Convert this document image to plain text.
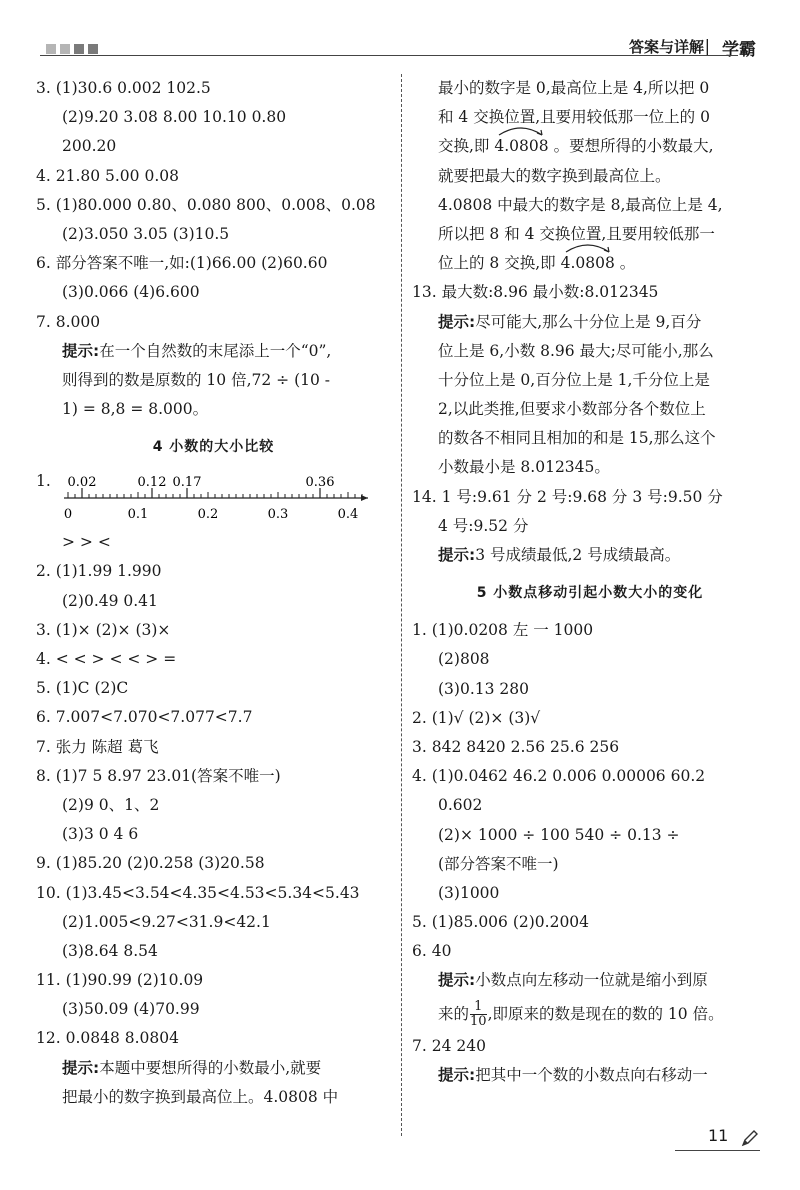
答案与详解 | 学霸
3. (1)30.6 0.002 102.5
(2)9.20 3.08 8.00 10.10 0.80
200.20
4. 21.80 5.00 0.08
5. (1)80.000 0.80、0.080 800、0.008、0.08
(2)3.050 3.05 (3)10.5
6. 部分答案不唯一,如:(1)66.00 (2)60.60
(3)0.066 (4)6.600
7. 8.000
提示:在一个自然数的末尾添上一个“0”,
则得到的数是原数的 10 倍,72 ÷ (10 -
1) = 8,8 = 8.000。
4 小数的大小比较
1.
0	0.1	0.2	0.3	0.4
0.02	0.12 0.17	0.36
> > <
2. (1)1.99 1.990
(2)0.49 0.41
3. (1)× (2)× (3)×
4. < < > < < > =
5. (1)C (2)C
6. 7.007<7.070<7.077<7.7
7. 张力 陈超 葛飞
8. (1)7 5 8.97 23.01(答案不唯一)
(2)9 0、1、2
(3)3 0 4 6
9. (1)85.20 (2)0.258 (3)20.58
10. (1)3.45<3.54<4.35<4.53<5.34<5.43
(2)1.005<9.27<31.9<42.1
(3)8.64 8.54
11. (1)90.99 (2)10.09
(3)50.09 (4)70.99
12. 0.0848 8.0804
提示:本题中要想所得的小数最小,就要
把最小的数字换到最高位上。4.0808 中
最小的数字是 0,最高位上是 4,所以把 0
和 4 交换位置,且要用较低那一位上的 0
交换,即 4.0808 。要想所得的小数最大,
就要把最大的数字换到最高位上。
4.0808 中最大的数字是 8,最高位上是 4,
所以把 8 和 4 交换位置,且要用较低那一
位上的 8 交换,即 4.0808 。
13. 最大数:8.96 最小数:8.012345
提示:尽可能大,那么十分位上是 9,百分
位上是 6,小数 8.96 最大;尽可能小,那么
十分位上是 0,百分位上是 1,千分位上是
2,以此类推,但要求小数部分各个数位上
的数各不相同且相加的和是 15,那么这个
小数最小是 8.012345。
14. 1 号:9.61 分 2 号:9.68 分 3 号:9.50 分
4 号:9.52 分
提示:3 号成绩最低,2 号成绩最高。
5 小数点移动引起小数大小的变化
1. (1)0.0208 左 一 1000
(2)808
(3)0.13 280
2. (1)√ (2)× (3)√
3. 842 8420 2.56 25.6 256
4. (1)0.0462 46.2 0.006 0.00006 60.2
0.602
(2)× 1000 ÷ 100 540 ÷ 0.13 ÷
(部分答案不唯一)
(3)1000
5. (1)85.006 (2)0.2004
6. 40
提示:小数点向左移动一位就是缩小到原
来的 $\frac{1}{10}$ ,即原来的数是现在的数的 10 倍。
7. 24 240
提示:把其中一个数的小数点向右移动一
11
